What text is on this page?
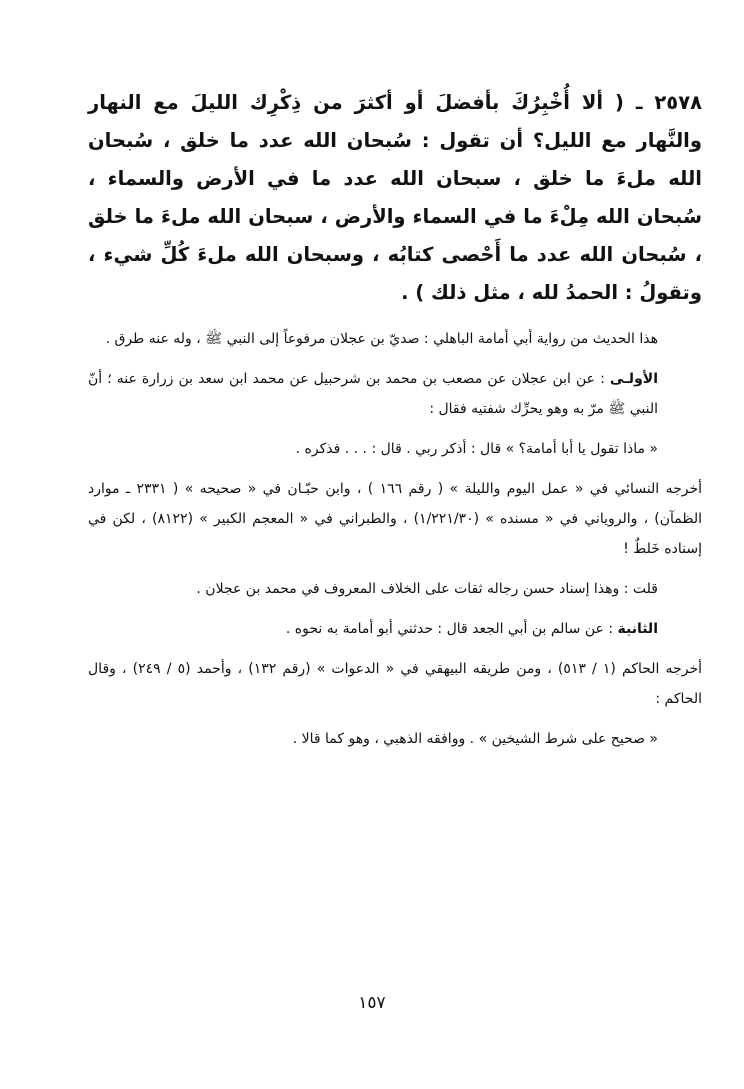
٢٥٧٨ ـ ( ألا أُخْبِرُكَ بأفضلَ أو أكثرَ من ذِكْرِك الليلَ مع النهار والنَّهار مع الليل؟ أن تقول : سُبحان الله عدد ما خلق ، سُبحان الله ملءَ ما خلق ، سبحان الله عدد ما في الأرض والسماء ، سُبحان الله مِلْءَ ما في السماء والأرض ، سبحان الله ملءَ ما خلق ، سُبحان الله عدد ما أَحْصى كتابُه ، وسبحان الله ملءَ كُلِّ شيء ، وتقولُ : الحمدُ لله ، مثل ذلك ) .

هذا الحديث من رواية أبي أمامة الباهلي : صديّ بن عجلان مرفوعاً إلى النبي ﷺ ، وله عنه طرق .

الأولـى : عن ابن عجلان عن مصعب بن محمد بن شرحبيل عن محمد ابن سعد بن زرارة عنه ؛ أنّ النبي ﷺ مرّ به وهو يحرِّك شفتيه فقال :

« ماذا تقول يا أبا أمامة؟ » قال : أذكر ربي . قال : . . . فذكره .

أخرجه النسائي في « عمل اليوم والليلة » ( رقم ١٦٦ ) ، وابن حبّـان في « صحيحه » ( ٢٣٣١ ـ موارد الظمآن) ، والروياني في « مسنده » (١/٢٢١/٣٠) ، والطبراني في « المعجم الكبير » (٨١٢٢) ، لكن في إسناده خَلطٌ !

قلت : وهذا إسناد حسن رجاله ثقات على الخلاف المعروف في محمد بن عجلان .

الثانية : عن سالم بن أبي الجعد قال : حدثني أبو أمامة به نحوه .

أخرجه الحاكم (١ / ٥١٣) ، ومن طريقه البيهقي في « الدعوات » (رقم ١٣٢) ، وأحمد (٥ / ٢٤٩) ، وقال الحاكم :

« صحيح على شرط الشيخين » . ووافقه الذهبي ، وهو كما قالا .

١٥٧
